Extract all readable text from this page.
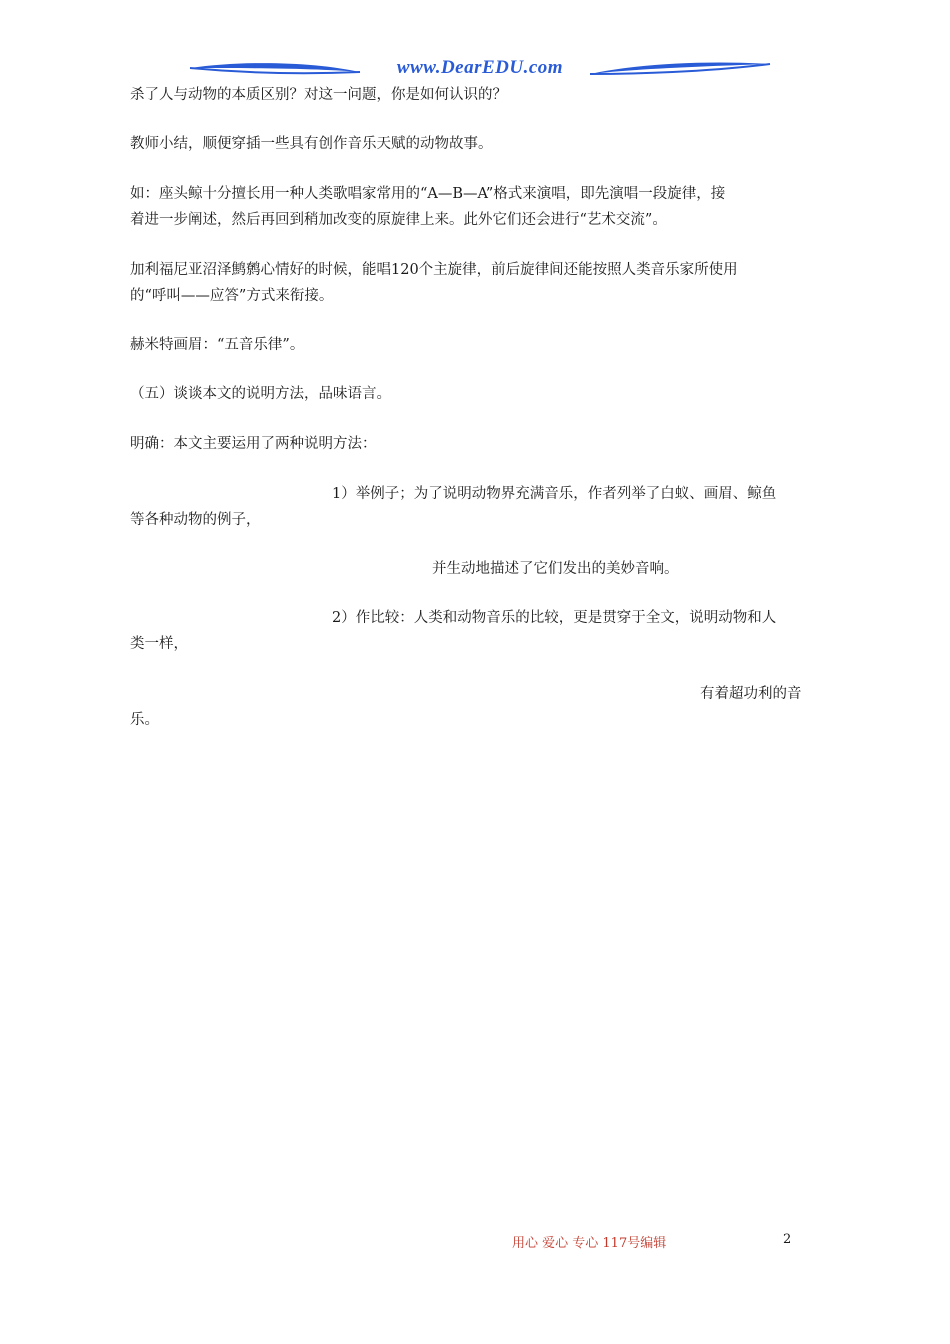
www.DearEDU.com

杀了人与动物的本质区别？对这一问题，你是如何认识的？

教师小结，顺便穿插一些具有创作音乐天赋的动物故事。

如：座头鲸十分擅长用一种人类歌唱家常用的“A—B—A”格式来演唱，即先演唱一段旋律，接

着进一步阐述，然后再回到稍加改变的原旋律上来。此外它们还会进行“艺术交流”。

加利福尼亚沼泽鹪鹩心情好的时候，能唱120个主旋律，前后旋律间还能按照人类音乐家所使用

的“呼叫——应答”方式来衔接。

赫米特画眉：“五音乐律”。

（五）谈谈本文的说明方法，品味语言。

明确：本文主要运用了两种说明方法：

1）举例子；为了说明动物界充满音乐，作者列举了白蚁、画眉、鲸鱼

等各种动物的例子，

并生动地描述了它们发出的美妙音响。
2）作比较：人类和动物音乐的比较，更是贯穿于全文，说明动物和人

类一样，

有着超功利的音

乐。

用心 爱心 专心 117号编辑	2
